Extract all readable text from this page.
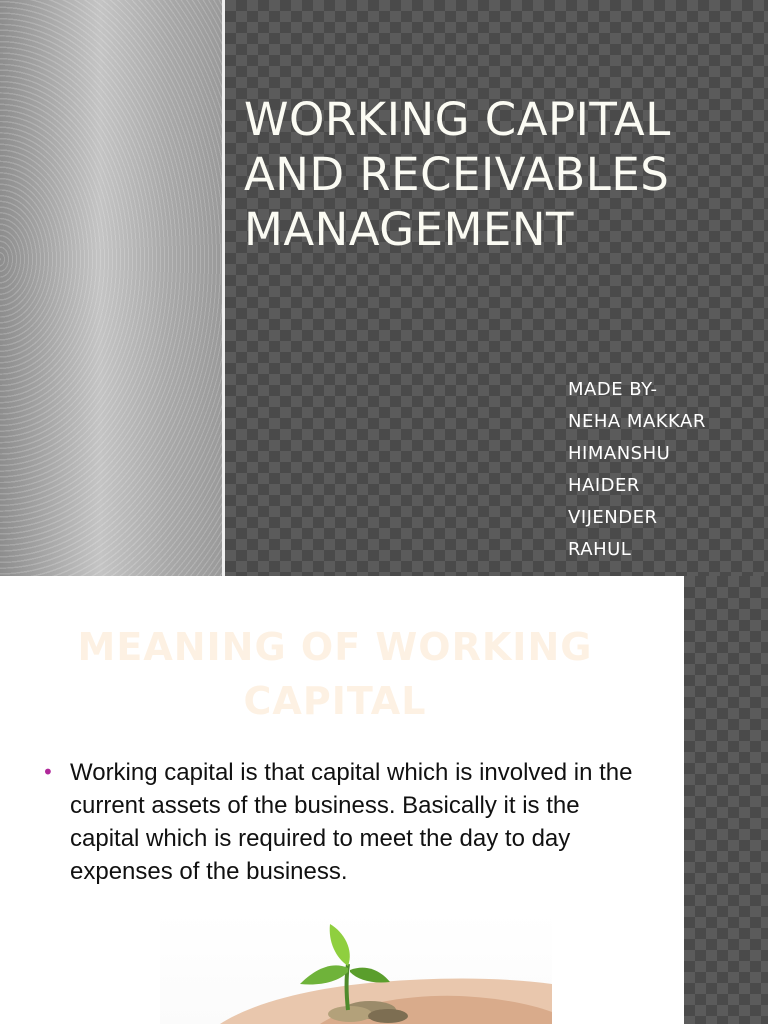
WORKING CAPITAL AND RECEIVABLES MANAGEMENT
MADE BY-
NEHA MAKKAR
HIMANSHU
HAIDER
VIJENDER
RAHUL
MEANING OF WORKING CAPITAL
• Working capital is that capital which is involved in the current assets of the business. Basically it is the capital which is required to meet the day to day expenses of the business.
